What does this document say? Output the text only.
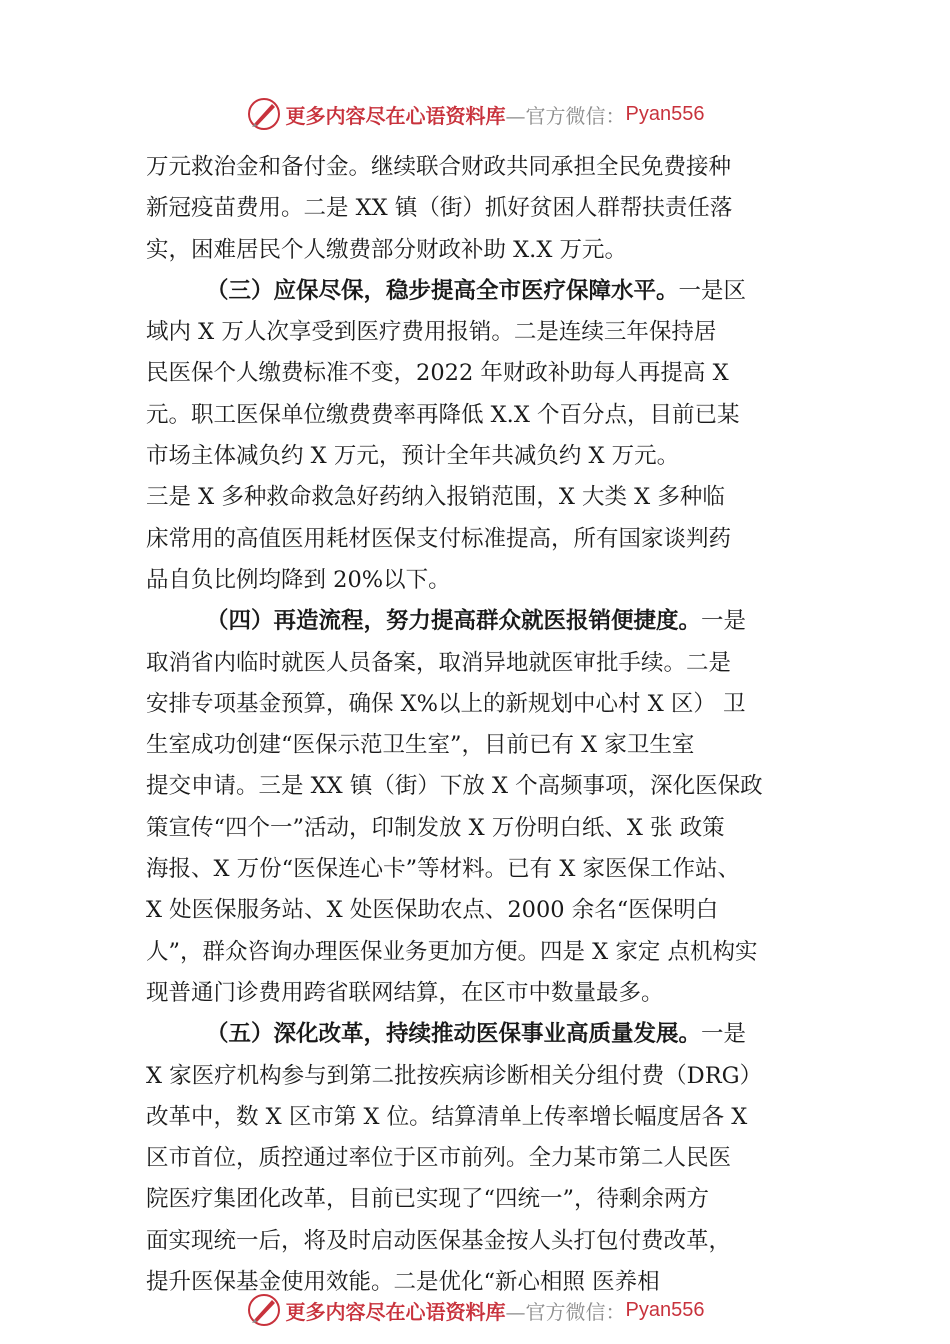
更多内容尽在心语资料库 —官方微信： Pyan556
万元救治金和备付金。继续联合财政共同承担全民免费接种
新冠疫苗费用。二是 XX 镇（街）抓好贫困人群帮扶责任落
实，困难居民个人缴费部分财政补助 X.X 万元。
（三）应保尽保，稳步提高全市医疗保障水平。一是区
域内 X 万人次享受到医疗费用报销。二是连续三年保持居
民医保个人缴费标准不变，2022 年财政补助每人再提高 X
元。职工医保单位缴费费率再降低 X.X 个百分点，目前已某
市场主体减负约 X 万元，预计全年共减负约 X 万元。
三是 X 多种救命救急好药纳入报销范围，X 大类 X 多种临
床常用的高值医用耗材医保支付标准提高，所有国家谈判药
品自负比例均降到 20%以下。
（四）再造流程，努力提高群众就医报销便捷度。一是
取消省内临时就医人员备案，取消异地就医审批手续。二是
安排专项基金预算，确保 X%以上的新规划中心村 X 区） 卫
生室成功创建“医保示范卫生室”，目前已有 X 家卫生室
提交申请。三是 XX 镇（街）下放 X 个高频事项，深化医保政
策宣传“四个一”活动，印制发放 X 万份明白纸、X 张 政策
海报、X 万份“医保连心卡”等材料。已有 X 家医保工作站、
X 处医保服务站、X 处医保助农点、2000 余名“医保明白
人”，群众咨询办理医保业务更加方便。四是 X 家定 点机构实
现普通门诊费用跨省联网结算，在区市中数量最多。
（五）深化改革，持续推动医保事业高质量发展。一是
X 家医疗机构参与到第二批按疾病诊断相关分组付费（DRG）
改革中，数 X 区市第 X 位。结算清单上传率增长幅度居各 X
区市首位，质控通过率位于区市前列。全力某市第二人民医
院医疗集团化改革，目前已实现了“四统一”，待剩余两方
面实现统一后，将及时启动医保基金按人头打包付费改革，
提升医保基金使用效能。二是优化“新心相照 医养相
更多内容尽在心语资料库 —官方微信： Pyan556
